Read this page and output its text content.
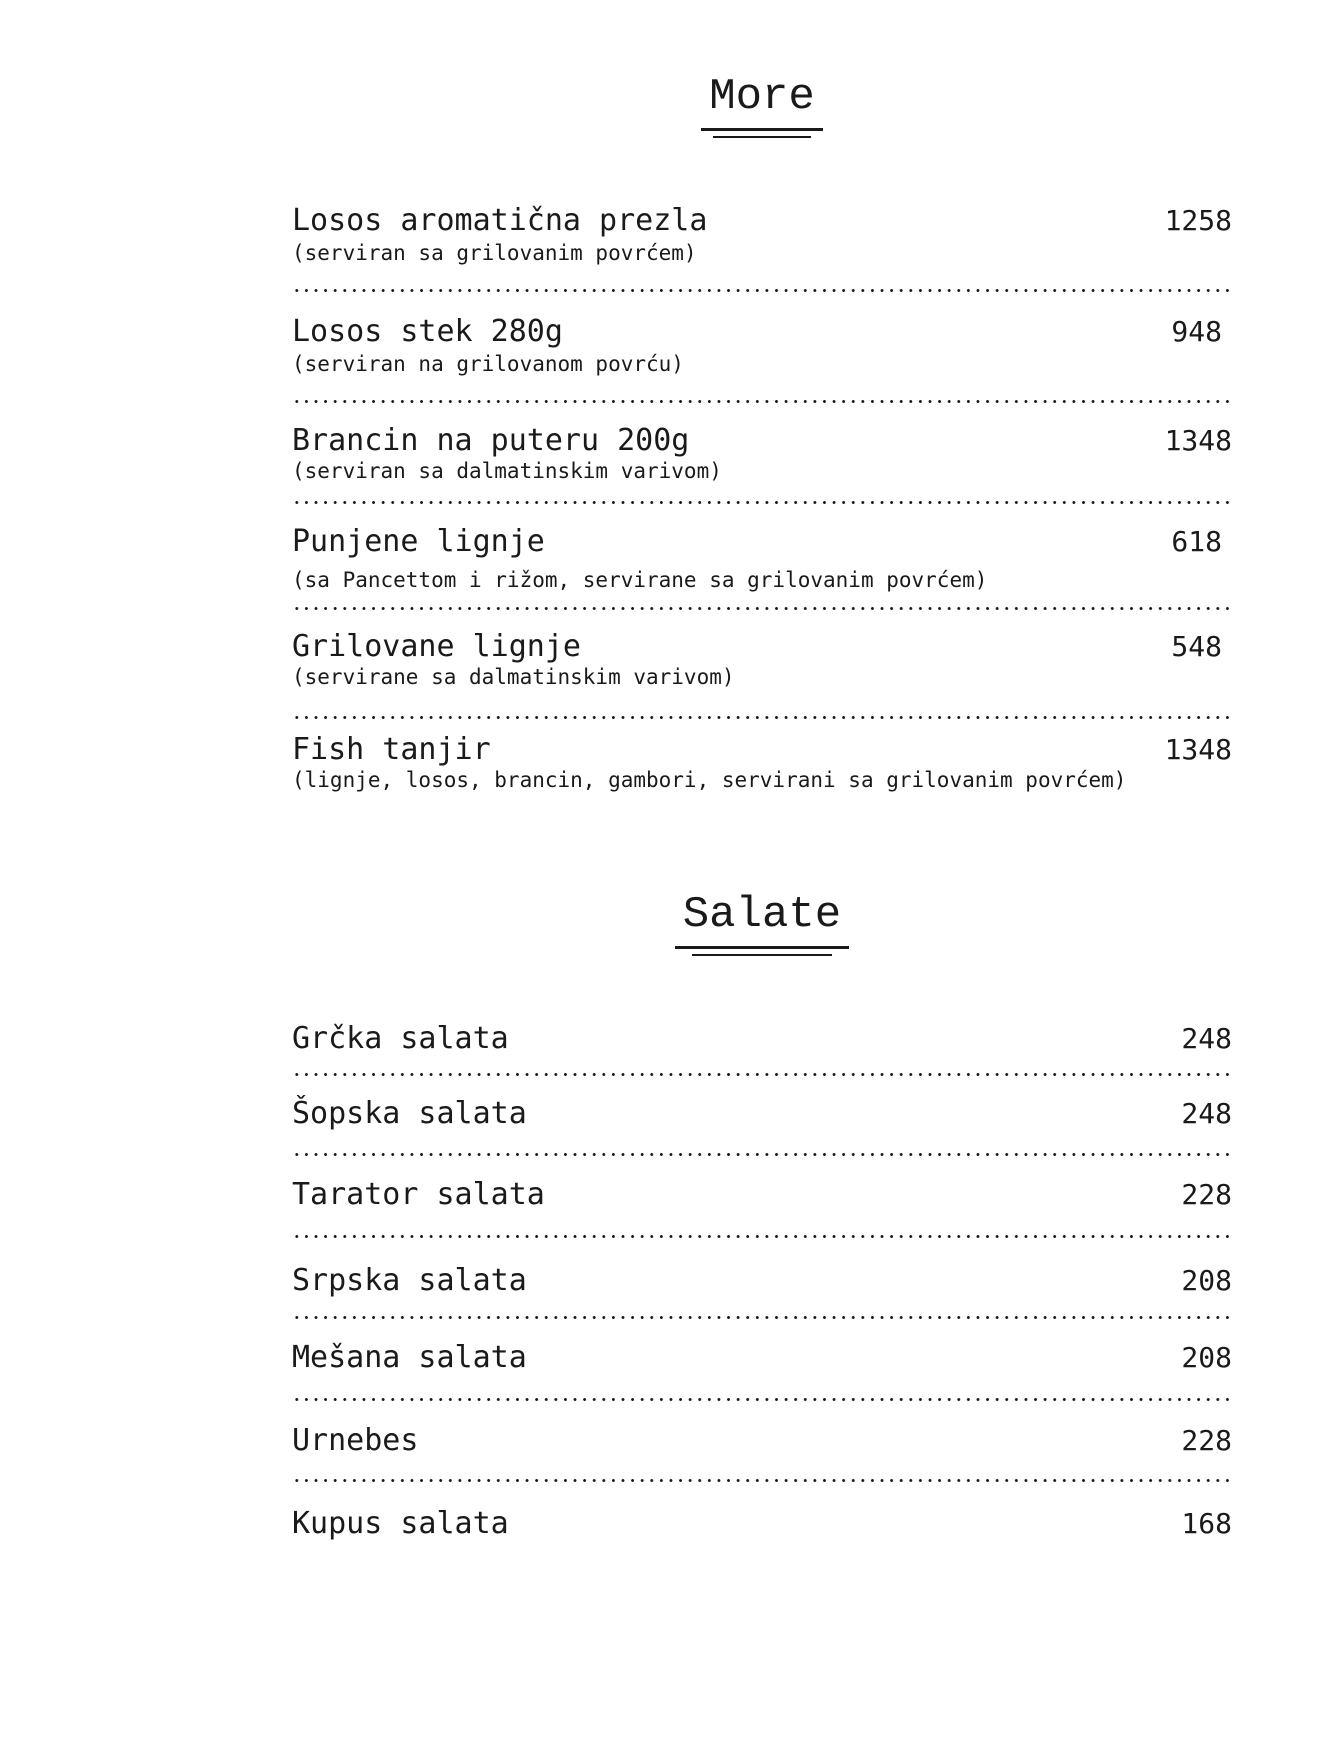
More
Losos aromatična prezla	1258
(serviran sa grilovanim povrćem)
Losos stek 280g	948
(serviran na grilovanom povrću)
Brancin na puteru 200g	1348
(serviran sa dalmatinskim varivom)
Punjene lignje	618
(sa Pancettom i rižom, servirane sa grilovanim povrćem)
Grilovane lignje	548
(servirane sa dalmatinskim varivom)
Fish tanjir	1348
(lignje, losos, brancin, gambori, servirani sa grilovanim povrćem)
Salate
Grčka salata	248
Šopska salata	248
Tarator salata	228
Srpska salata	208
Mešana salata	208
Urnebes	228
Kupus salata	168
